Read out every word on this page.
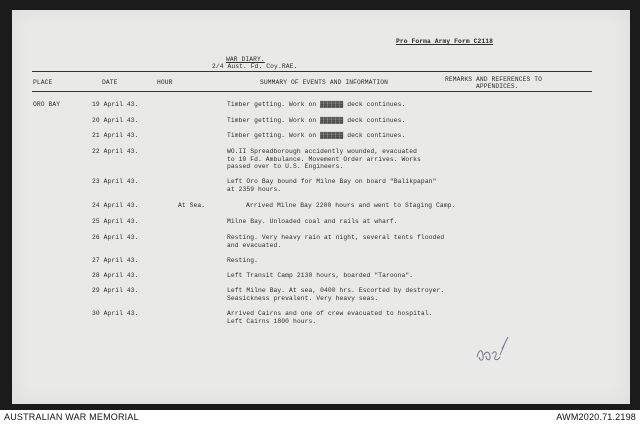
Pro Forma Army Form C2118
WAR DIARY.
2/4 Aust. Fd. Coy.RAE.
PLACE	DATE	HOUR	SUMMARY OF EVENTS AND INFORMATION	REMARKS AND REFERENCES TO
APPENDICES.
ORO BAY	19 April 43.	Timber getting. Work on ▓▓▓▓▓▓ deck continues.
20 April 43.	Timber getting. Work on ▓▓▓▓▓▓ deck continues.
21 April 43.	Timber getting. Work on ▓▓▓▓▓▓ deck continues.
22 April 43.	WO.II Spreadborough accidently wounded, evacuated
to 10 Fd. Ambulance. Movement Order arrives. Works
passed over to U.S. Engineers.
23 April 43.	Left Oro Bay bound for Milne Bay on board "Balikpapan"
at 2359 hours.
24 April 43.	At Sea.	Arrived Milne Bay 2200 hours and went to Staging Camp.
25 April 43.	Milne Bay. Unloaded coal and rails at wharf.
26 April 43.	Resting. Very heavy rain at night, several tents flooded
and evacuated.
27 April 43.	Resting.
28 April 43.	Left Transit Camp 2130 hours, boarded "Taroona".
29 April 43.	Left Milne Bay. At sea, 0400 hrs. Escorted by destroyer.
Seasickness prevalent. Very heavy seas.
30 April 43.	Arrived Cairns and one of crew evacuated to hospital.
Left Cairns 1800 hours.
AUSTRALIAN WAR MEMORIAL	AWM2020.71.2198
